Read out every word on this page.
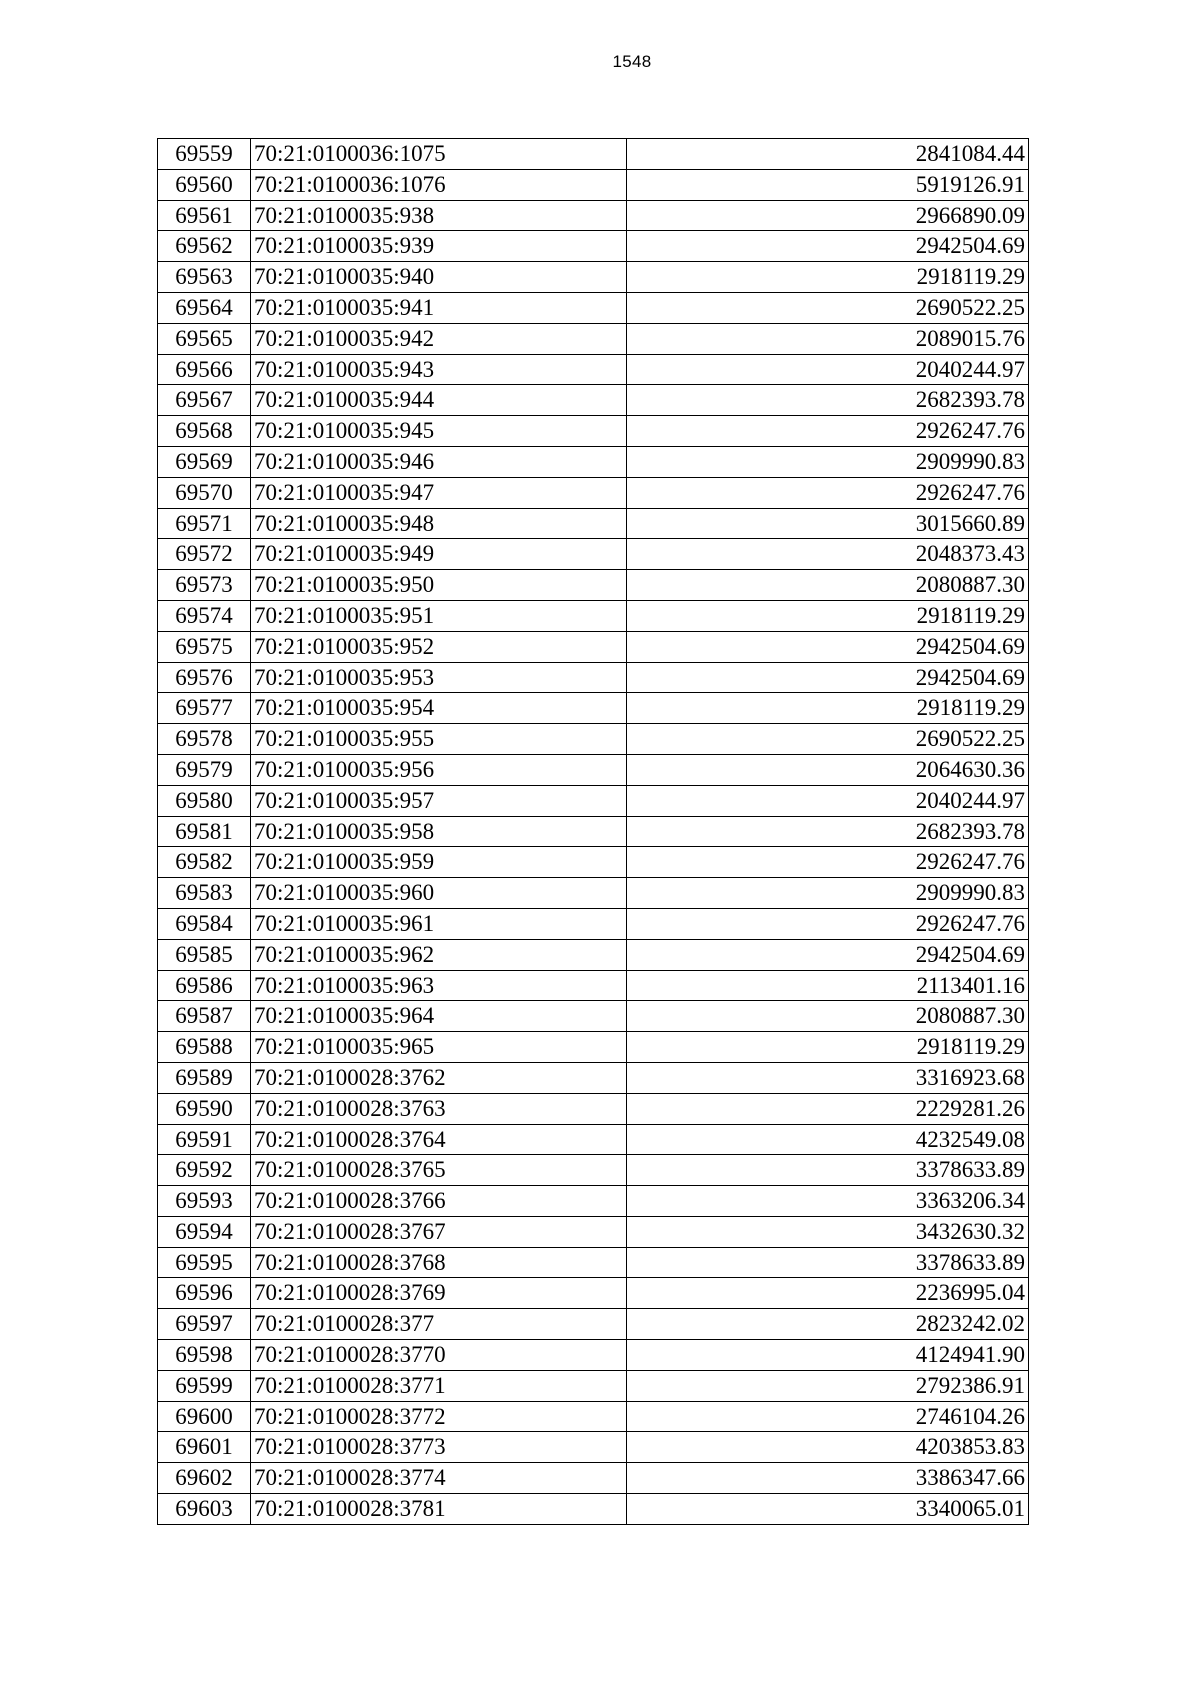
1548
69559	70:21:0100036:1075	2841084.44
69560	70:21:0100036:1076	5919126.91
69561	70:21:0100035:938	2966890.09
69562	70:21:0100035:939	2942504.69
69563	70:21:0100035:940	2918119.29
69564	70:21:0100035:941	2690522.25
69565	70:21:0100035:942	2089015.76
69566	70:21:0100035:943	2040244.97
69567	70:21:0100035:944	2682393.78
69568	70:21:0100035:945	2926247.76
69569	70:21:0100035:946	2909990.83
69570	70:21:0100035:947	2926247.76
69571	70:21:0100035:948	3015660.89
69572	70:21:0100035:949	2048373.43
69573	70:21:0100035:950	2080887.30
69574	70:21:0100035:951	2918119.29
69575	70:21:0100035:952	2942504.69
69576	70:21:0100035:953	2942504.69
69577	70:21:0100035:954	2918119.29
69578	70:21:0100035:955	2690522.25
69579	70:21:0100035:956	2064630.36
69580	70:21:0100035:957	2040244.97
69581	70:21:0100035:958	2682393.78
69582	70:21:0100035:959	2926247.76
69583	70:21:0100035:960	2909990.83
69584	70:21:0100035:961	2926247.76
69585	70:21:0100035:962	2942504.69
69586	70:21:0100035:963	2113401.16
69587	70:21:0100035:964	2080887.30
69588	70:21:0100035:965	2918119.29
69589	70:21:0100028:3762	3316923.68
69590	70:21:0100028:3763	2229281.26
69591	70:21:0100028:3764	4232549.08
69592	70:21:0100028:3765	3378633.89
69593	70:21:0100028:3766	3363206.34
69594	70:21:0100028:3767	3432630.32
69595	70:21:0100028:3768	3378633.89
69596	70:21:0100028:3769	2236995.04
69597	70:21:0100028:377	2823242.02
69598	70:21:0100028:3770	4124941.90
69599	70:21:0100028:3771	2792386.91
69600	70:21:0100028:3772	2746104.26
69601	70:21:0100028:3773	4203853.83
69602	70:21:0100028:3774	3386347.66
69603	70:21:0100028:3781	3340065.01
